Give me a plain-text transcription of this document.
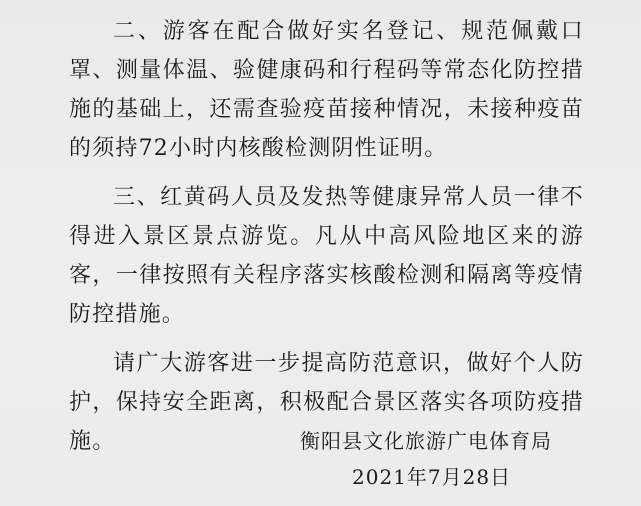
二、游客在配合做好实名登记、规范佩戴口罩、测量体温、验健康码和行程码等常态化防控措施的基础上，还需查验疫苗接种情况，未接种疫苗的须持72小时内核酸检测阴性证明。

三、红黄码人员及发热等健康异常人员一律不得进入景区景点游览。凡从中高风险地区来的游客，一律按照有关程序落实核酸检测和隔离等疫情防控措施。

请广大游客进一步提高防范意识，做好个人防护，保持安全距离，积极配合景区落实各项防疫措施。	衡阳县文化旅游广电体育局
2021年7月28日
